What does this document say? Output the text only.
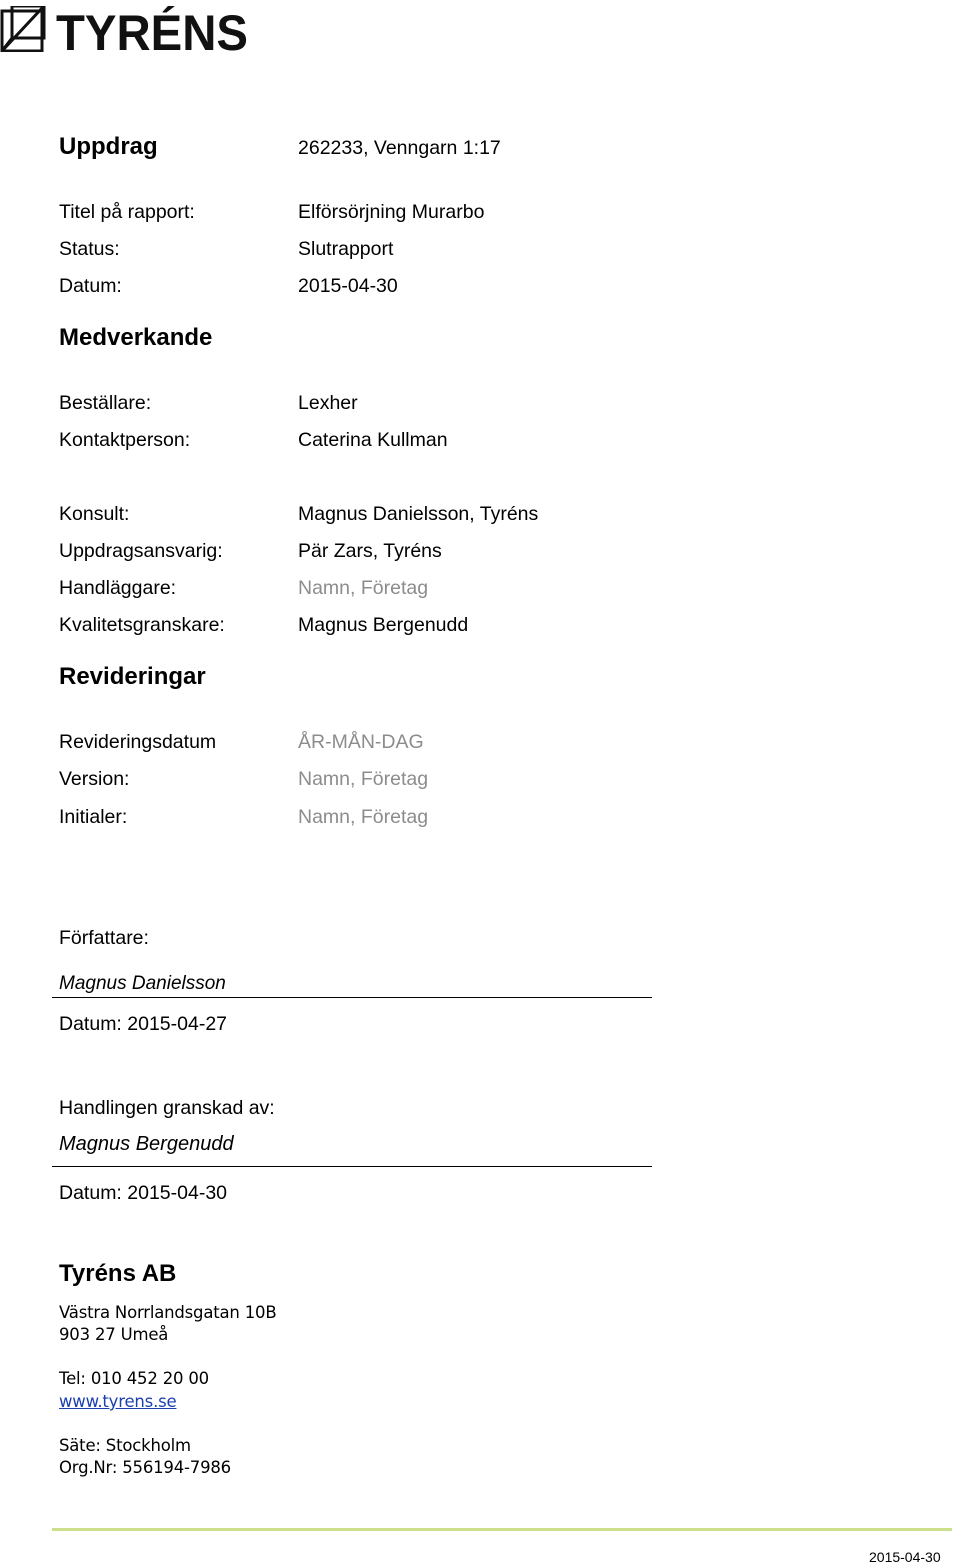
TYRÉNS
Uppdrag	262233, Venngarn 1:17
Titel på rapport:	Elförsörjning Murarbo
Status:	Slutrapport
Datum:	2015-04-30
Medverkande
Beställare:	Lexher
Kontaktperson:	Caterina Kullman
Konsult:	Magnus Danielsson, Tyréns
Uppdragsansvarig:	Pär Zars, Tyréns
Handläggare:	Namn, Företag
Kvalitetsgranskare:	Magnus Bergenudd
Revideringar
Revideringsdatum	ÅR-MÅN-DAG
Version:	Namn, Företag
Initialer:	Namn, Företag
Författare:
Magnus Danielsson
Datum: 2015-04-27
Handlingen granskad av:
Magnus Bergenudd
Datum: 2015-04-30
Tyréns AB
Västra Norrlandsgatan 10B
903 27 Umeå
Tel: 010 452 20 00
www.tyrens.se
Säte: Stockholm
Org.Nr: 556194-7986
2015-04-30
